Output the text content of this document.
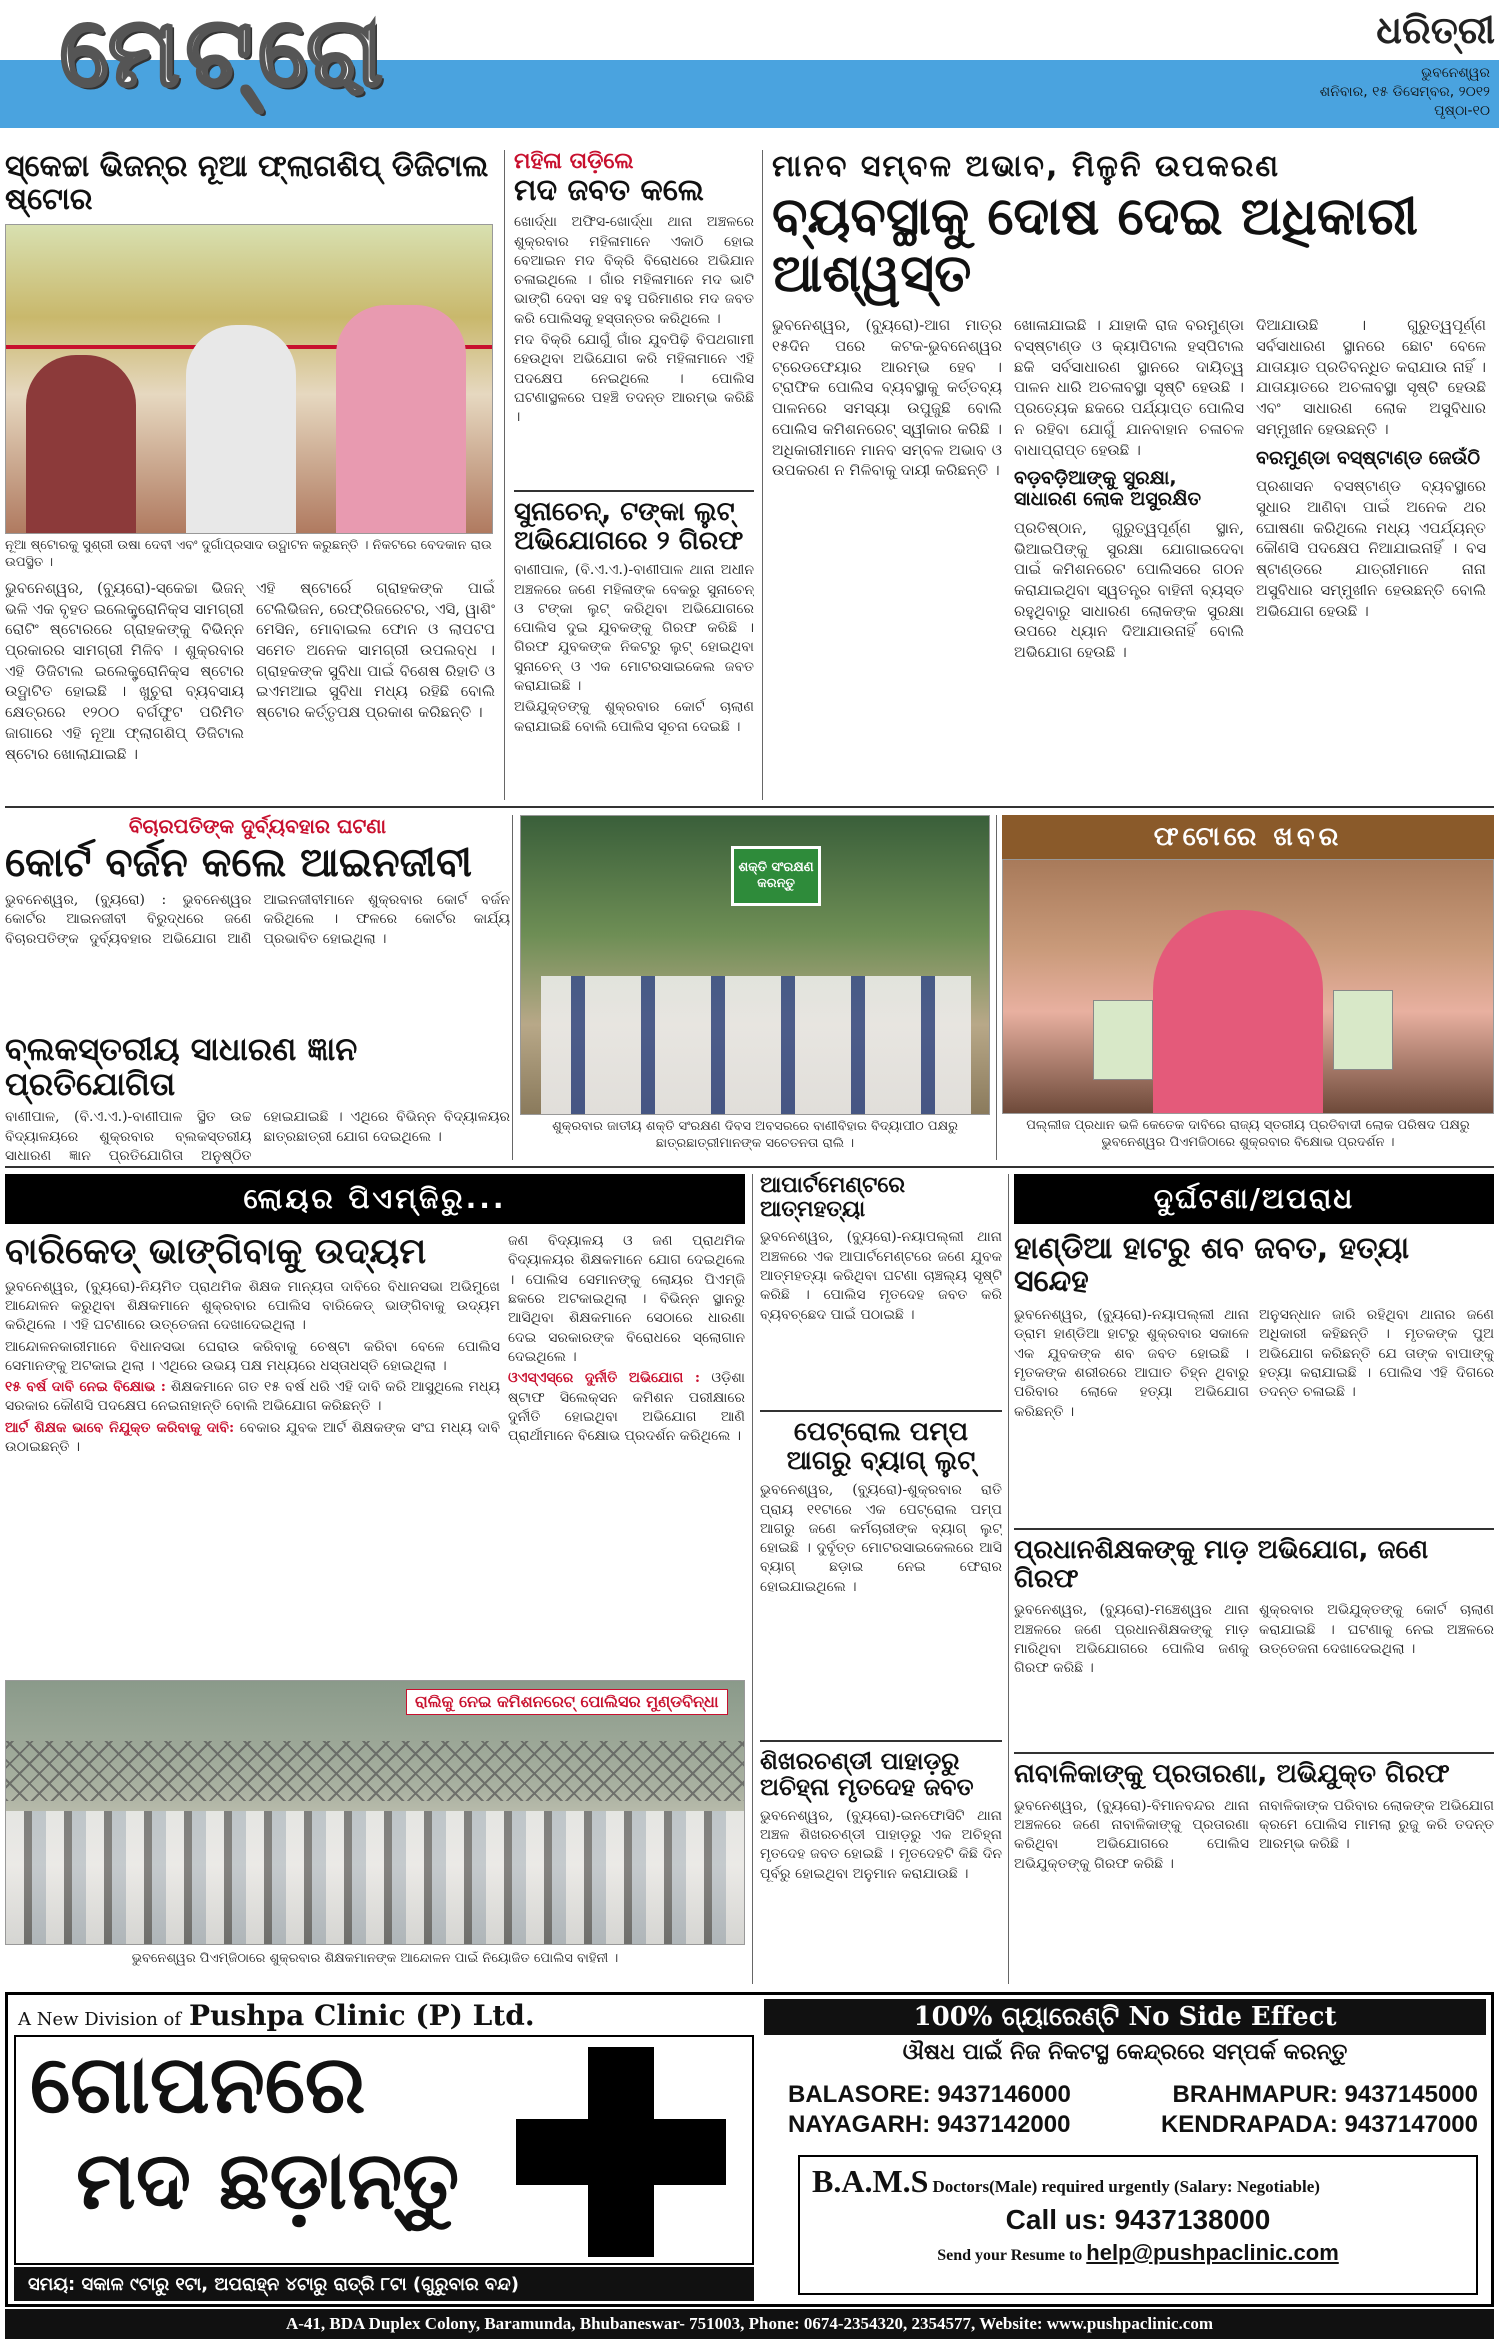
ମେଟ୍ରୋ	ଧରିତ୍ରୀ
ଭୁବନେଶ୍ୱର
ଶନିବାର, ୧୫ ଡିସେମ୍ବର, ୨୦୧୨
ପୃଷ୍ଠା-୧୦
ସ୍କେଚ୍ଚା ଭିଜନ୍‌ର ନୂଆ ଫ୍ଲାଗଶିପ୍ ଡିଜିଟାଲ ଷ୍ଟୋର
ନୂଆ ଷ୍ଟୋରକୁ ସୁଶ୍ରୀ ଉଷା ଦେବୀ ଏବଂ ଦୁର୍ଗାପ୍ରସାଦ ଉଦ୍ଘାଟନ କରୁଛନ୍ତି । ନିକଟରେ ବେଦକାନ ରାଉ ଉପସ୍ଥିତ ।

ଭୁବନେଶ୍ୱର, (ବ୍ୟୁରୋ)-ସ୍କେଚ୍ଚା ଭିଜନ୍ ଭଳି ଏକ ବୃହତ ଇଲେକ୍ଟ୍ରୋନିକ୍ସ ସାମଗ୍ରୀ ରୋଟିଂ ଷ୍ଟୋରରେ ଗ୍ରାହକଙ୍କୁ ବିଭିନ୍ନ ପ୍ରକାରର ସାମଗ୍ରୀ ମିଳିବ । ଶୁକ୍ରବାର ଏହି ଡିଜିଟାଲ ଇଲେକ୍ଟ୍ରୋନିକ୍ସ ଷ୍ଟୋର ଉଦ୍ଘାଟିତ ହୋଇଛି । ଖୁଚୁରା ବ୍ୟବସାୟ କ୍ଷେତ୍ରରେ ୧୨୦୦ ବର୍ଗଫୁଟ ପରିମିତ ଜାଗାରେ ଏହି ନୂଆ ଫ୍ଲାଗଶିପ୍ ଡିଜିଟାଲ ଷ୍ଟୋର ଖୋଲାଯାଇଛି ।

ଏହି ଷ୍ଟୋର୍ରେ ଗ୍ରାହକଙ୍କ ପାଇଁ ଟେଲିଭିଜନ, ରେଫ୍ରିଜରେଟର, ଏସି, ୱାଶିଂ ମେସିନ, ମୋବାଇଲ ଫୋନ ଓ ଲାପଟପ ସମେତ ଅନେକ ସାମଗ୍ରୀ ଉପଲବ୍ଧ । ଗ୍ରାହକଙ୍କ ସୁବିଧା ପାଇଁ ବିଶେଷ ରିହାତି ଓ ଇଏମଆଇ ସୁବିଧା ମଧ୍ୟ ରହିଛି ବୋଲି ଷ୍ଟୋର କର୍ତ୍ତୃପକ୍ଷ ପ୍ରକାଶ କରିଛନ୍ତି ।

ମହିଳା ତାଡ଼ିଲେ
ମଦ ଜବତ କଲେ

ଖୋର୍ଦ୍ଧା ଅଫିସ-ଖୋର୍ଦ୍ଧା ଥାନା ଅଞ୍ଚଳରେ ଶୁକ୍ରବାର ମହିଳାମାନେ ଏକାଠି ହୋଇ ବେଆଇନ ମଦ ବିକ୍ରି ବିରୋଧରେ ଅଭିଯାନ ଚଳାଇଥିଲେ । ଗାଁର ମହିଳାମାନେ ମଦ ଭାଟି ଭାଙ୍ଗି ଦେବା ସହ ବହୁ ପରିମାଣର ମଦ ଜବତ କରି ପୋଲିସକୁ ହସ୍ତାନ୍ତର କରିଥିଲେ ।

ମଦ ବିକ୍ରି ଯୋଗୁଁ ଗାଁର ଯୁବପିଢ଼ି ବିପଥଗାମୀ ହେଉଥିବା ଅଭିଯୋଗ କରି ମହିଳାମାନେ ଏହି ପଦକ୍ଷେପ ନେଇଥିଲେ । ପୋଲିସ ଘଟଣାସ୍ଥଳରେ ପହଞ୍ଚି ତଦନ୍ତ ଆରମ୍ଭ କରିଛି ।

ସୁନାଚେନ୍, ଟଙ୍କା ଲୁଟ୍ ଅଭିଯୋଗରେ ୨ ଗିରଫ

ବାଣୀପାଳ, (ବି.ଏ.ଏ.)-ବାଣୀପାଳ ଥାନା ଅଧୀନ ଅଞ୍ଚଳରେ ଜଣେ ମହିଳାଙ୍କ ବେକରୁ ସୁନାଚେନ୍ ଓ ଟଙ୍କା ଲୁଟ୍ କରିଥିବା ଅଭିଯୋଗରେ ପୋଲିସ ଦୁଇ ଯୁବକଙ୍କୁ ଗିରଫ କରିଛି । ଗିରଫ ଯୁବକଙ୍କ ନିକଟରୁ ଲୁଟ୍ ହୋଇଥିବା ସୁନାଚେନ୍ ଓ ଏକ ମୋଟରସାଇକେଲ ଜବତ କରାଯାଇଛି ।

ଅଭିଯୁକ୍ତଙ୍କୁ ଶୁକ୍ରବାର କୋର୍ଟ ଚାଲାଣ କରାଯାଇଛି ବୋଲି ପୋଲିସ ସୂଚନା ଦେଇଛି ।

ମାନବ ସମ୍ବଳ ଅଭାବ, ମିଳୁନି ଉପକରଣ
ବ୍ୟବସ୍ଥାକୁ ଦୋଷ ଦେଇ ଅଧିକାରୀ ଆଶ୍ୱସ୍ତ

ଭୁବନେଶ୍ୱର, (ବ୍ୟୁରୋ)-ଆଗ ମାତ୍ର ୧୫ଦିନ ପରେ କଟକ-ଭୁବନେଶ୍ୱର ଟ୍ରେଡଫେୟାର ଆରମ୍ଭ ହେବ । ଟ୍ରାଫିକ ପୋଲିସ ବ୍ୟବସ୍ଥାକୁ କର୍ତ୍ତବ୍ୟ ପାଳନରେ ସମସ୍ୟା ଉପୁଜୁଛି ବୋଲି ପୋଲିସ କମିଶନରେଟ୍ ସ୍ୱୀକାର କରିଛି । ଅଧିକାରୀମାନେ ମାନବ ସମ୍ବଳ ଅଭାବ ଓ ଉପକରଣ ନ ମିଳିବାକୁ ଦାୟୀ କରିଛନ୍ତି ।

ଖୋଳାଯାଇଛି । ଯାହାକି ରାଜ ବରମୁଣ୍ଡା ବସ୍ଷ୍ଟାଣ୍ଡ ଓ କ୍ୟାପିଟାଲ ହସ୍ପିଟାଲ ଛକି ସର୍ବସାଧାରଣ ସ୍ଥାନରେ ଦାୟିତ୍ୱ ପାଳନ ଧାରି ଅଚଳାବସ୍ଥା ସୃଷ୍ଟି ହେଉଛି । ପ୍ରତ୍ୟେକ ଛକରେ ପର୍ଯ୍ୟାପ୍ତ ପୋଲିସ ନ ରହିବା ଯୋଗୁଁ ଯାନବାହାନ ଚଳାଚଳ ବାଧାପ୍ରାପ୍ତ ହେଉଛି ।
ବଡ଼ବଡ଼ିଆଙ୍କୁ ସୁରକ୍ଷା, ସାଧାରଣ ଲୋକ ଅସୁରକ୍ଷିତ
ପ୍ରତିଷ୍ଠାନ, ଗୁରୁତ୍ୱପୂର୍ଣ୍ଣ ସ୍ଥାନ, ଭିଆଇପିଙ୍କୁ ସୁରକ୍ଷା ଯୋଗାଇଦେବା ପାଇଁ କମିଶନରେଟ ପୋଲିସରେ ଗଠନ କରାଯାଇଥିବା ସ୍ୱତନ୍ତ୍ର ବାହିନୀ ବ୍ୟସ୍ତ ରହୁଥିବାରୁ ସାଧାରଣ ଲୋକଙ୍କ ସୁରକ୍ଷା ଉପରେ ଧ୍ୟାନ ଦିଆଯାଉନାହିଁ ବୋଲି ଅଭିଯୋଗ ହେଉଛି ।
ଦିଆଯାଉଛି । ଗୁରୁତ୍ୱପୂର୍ଣ୍ଣ ସର୍ବସାଧାରଣ ସ୍ଥାନରେ ଛୋଟ ବେଳେ ଯାତାୟାତ ପ୍ରତିବନ୍ଧିତ କରାଯାଉ ନାହିଁ । ଯାତାୟାତରେ ଅଚଳାବସ୍ଥା ସୃଷ୍ଟି ହେଉଛି ଏବଂ ସାଧାରଣ ଲୋକ ଅସୁବିଧାର ସମ୍ମୁଖୀନ ହେଉଛନ୍ତି ।
ବରମୁଣ୍ଡା ବସ୍ଷ୍ଟାଣ୍ଡ ଜେଉଁଠି
ପ୍ରଶାସନ ବସଷ୍ଟାଣ୍ଡ ବ୍ୟବସ୍ଥାରେ ସୁଧାର ଆଣିବା ପାଇଁ ଅନେକ ଥର ଘୋଷଣା କରିଥିଲେ ମଧ୍ୟ ଏପର୍ଯ୍ୟନ୍ତ କୌଣସି ପଦକ୍ଷେପ ନିଆଯାଇନାହିଁ । ବସ ଷ୍ଟାଣ୍ଡରେ ଯାତ୍ରୀମାନେ ନାନା ଅସୁବିଧାର ସମ୍ମୁଖୀନ ହେଉଛନ୍ତି ବୋଲି ଅଭିଯୋଗ ହେଉଛି ।
ବିଚାରପତିଙ୍କ ଦୁର୍ବ୍ୟବହାର ଘଟଣା
କୋର୍ଟ ବର୍ଜନ କଲେ ଆଇନଜୀବୀ

ଭୁବନେଶ୍ୱର, (ବ୍ୟୁରୋ) : ଭୁବନେଶ୍ୱର କୋର୍ଟର ଆଇନଜୀବୀ ବିରୁଦ୍ଧରେ ଜଣେ ବିଚାରପତିଙ୍କ ଦୁର୍ବ୍ୟବହାର ଅଭିଯୋଗ ଆଣି ଆଇନଜୀବୀମାନେ ଶୁକ୍ରବାର କୋର୍ଟ ବର୍ଜନ କରିଥିଲେ । ଫଳରେ କୋର୍ଟର କାର୍ଯ୍ୟ ପ୍ରଭାବିତ ହୋଇଥିଲା ।

ବ୍ଲକସ୍ତରୀୟ ସାଧାରଣ ଜ୍ଞାନ ପ୍ରତିଯୋଗିତା

ବାଣୀପାଳ, (ବି.ଏ.ଏ.)-ବାଣୀପାଳ ସ୍ଥିତ ଉଚ୍ଚ ବିଦ୍ୟାଳୟରେ ଶୁକ୍ରବାର ବ୍ଲକସ୍ତରୀୟ ସାଧାରଣ ଜ୍ଞାନ ପ୍ରତିଯୋଗିତା ଅନୁଷ୍ଠିତ ହୋଇଯାଇଛି । ଏଥିରେ ବିଭିନ୍ନ ବିଦ୍ୟାଳୟର ଛାତ୍ରଛାତ୍ରୀ ଯୋଗ ଦେଇଥିଲେ ।

ଶକ୍ତି ସଂରକ୍ଷଣ କରନ୍ତୁ
ଶୁକ୍ରବାର ଜାତୀୟ ଶକ୍ତି ସଂରକ୍ଷଣ ଦିବସ ଅବସରରେ ବାଣୀବିହାର ବିଦ୍ୟାପୀଠ ପକ୍ଷରୁ ଛାତ୍ରଛାତ୍ରୀମାନଙ୍କ ସଚେତନତା ରାଲି ।
ଫଟୋରେ ଖବର
ପଲ୍ଲୀଜ ପ୍ରଧାନ ଭଳି କେତେକ ଦାବିରେ ରାଜ୍ୟ ସ୍ତରୀୟ ପ୍ରତିବାଦୀ ଲୋକ ପରିଷଦ ପକ୍ଷରୁ ଭୁବନେଶ୍ୱର ପିଏମଜିଠାରେ ଶୁକ୍ରବାର ବିକ୍ଷୋଭ ପ୍ରଦର୍ଶନ ।
ଲୋୟର ପିଏମ୍‌ଜିରୁ...
ବାରିକେଡ୍ ଭାଙ୍ଗିବାକୁ ଉଦ୍ୟମ

ଭୁବନେଶ୍ୱର, (ବ୍ୟୁରୋ)-ନିୟମିତ ପ୍ରାଥମିକ ଶିକ୍ଷକ ମାନ୍ୟତା ଦାବିରେ ବିଧାନସଭା ଅଭିମୁଖେ ଆନ୍ଦୋଳନ କରୁଥିବା ଶିକ୍ଷକମାନେ ଶୁକ୍ରବାର ପୋଲିସ ବାରିକେଡ୍ ଭାଙ୍ଗିବାକୁ ଉଦ୍ୟମ କରିଥିଲେ । ଏହି ଘଟଣାରେ ଉତ୍ତେଜନା ଦେଖାଦେଇଥିଲା ।

ଆନ୍ଦୋଳନକାରୀମାନେ ବିଧାନସଭା ଘେରାଉ କରିବାକୁ ଚେଷ୍ଟା କରିବା ବେଳେ ପୋଲିସ ସେମାନଙ୍କୁ ଅଟକାଇ ଥିଲା । ଏଥିରେ ଉଭୟ ପକ୍ଷ ମଧ୍ୟରେ ଧସ୍ତାଧସ୍ତି ହୋଇଥିଲା ।

୧୫ ବର୍ଷ ଦାବି ନେଇ ବିକ୍ଷୋଭ : ଶିକ୍ଷକମାନେ ଗତ ୧୫ ବର୍ଷ ଧରି ଏହି ଦାବି କରି ଆସୁଥିଲେ ମଧ୍ୟ ସରକାର କୌଣସି ପଦକ୍ଷେପ ନେଇନାହାନ୍ତି ବୋଲି ଅଭିଯୋଗ କରିଛନ୍ତି ।

ଆର୍ଟ ଶିକ୍ଷକ ଭାବେ ନିଯୁକ୍ତ କରିବାକୁ ଦାବି: ବେକାର ଯୁବକ ଆର୍ଟ ଶିକ୍ଷକଙ୍କ ସଂଘ ମଧ୍ୟ ଦାବି ଉଠାଇଛନ୍ତି ।

ଜଣ ବିଦ୍ୟାଳୟ ଓ ଜଣ ପ୍ରାଥମିକ ବିଦ୍ୟାଳୟର ଶିକ୍ଷକମାନେ ଯୋଗ ଦେଇଥିଲେ । ପୋଲିସ ସେମାନଙ୍କୁ ଲୋୟର ପିଏମ୍‌ଜି ଛକରେ ଅଟକାଇଥିଲା । ବିଭିନ୍ନ ସ୍ଥାନରୁ ଆସିଥିବା ଶିକ୍ଷକମାନେ ସେଠାରେ ଧାରଣା ଦେଇ ସରକାରଙ୍କ ବିରୋଧରେ ସ୍ଲୋଗାନ ଦେଇଥିଲେ ।

ଓଏସ୍‌ଏସ୍‌ରେ ଦୁର୍ନୀତି ଅଭିଯୋଗ : ଓଡ଼ିଶା ଷ୍ଟାଫ ସିଲେକ୍ସନ କମିଶନ ପରୀକ୍ଷାରେ ଦୁର୍ନୀତି ହୋଇଥିବା ଅଭିଯୋଗ ଆଣି ପ୍ରାର୍ଥୀମାନେ ବିକ୍ଷୋଭ ପ୍ରଦର୍ଶନ କରିଥିଲେ ।

ରାଲିକୁ ନେଇ କମିଶନରେଟ୍ ପୋଲିସର ମୁଣ୍ଡବିନ୍ଧା
ଭୁବନେଶ୍ୱର ପିଏମ୍‌ଜିଠାରେ ଶୁକ୍ରବାର ଶିକ୍ଷକମାନଙ୍କ ଆନ୍ଦୋଳନ ପାଇଁ ନିୟୋଜିତ ପୋଲିସ ବାହିନୀ ।
ଆପାର୍ଟମେଣ୍ଟରେ ଆତ୍ମହତ୍ୟା
ଭୁବନେଶ୍ୱର, (ବ୍ୟୁରୋ)-ନୟାପଲ୍ଲୀ ଥାନା ଅଞ୍ଚଳରେ ଏକ ଆପାର୍ଟମେଣ୍ଟରେ ଜଣେ ଯୁବକ ଆତ୍ମହତ୍ୟା କରିଥିବା ଘଟଣା ଚାଞ୍ଚଲ୍ୟ ସୃଷ୍ଟି କରିଛି । ପୋଲିସ ମୃତଦେହ ଜବତ କରି ବ୍ୟବଚ୍ଛେଦ ପାଇଁ ପଠାଇଛି ।
ପେଟ୍ରୋଲ ପମ୍ପ ଆଗରୁ ବ୍ୟାଗ୍ ଲୁଟ୍
ଭୁବନେଶ୍ୱର, (ବ୍ୟୁରୋ)-ଶୁକ୍ରବାର ରାତି ପ୍ରାୟ ୧୧ଟାରେ ଏକ ପେଟ୍ରୋଲ ପମ୍ପ ଆଗରୁ ଜଣେ କର୍ମଚାରୀଙ୍କ ବ୍ୟାଗ୍ ଲୁଟ୍ ହୋଇଛି । ଦୁର୍ବୃତ୍ତ ମୋଟରସାଇକେଲରେ ଆସି ବ୍ୟାଗ୍ ଛଡ଼ାଇ ନେଇ ଫେରାର ହୋଇଯାଇଥିଲେ ।
ଶିଖରଚଣ୍ଡୀ ପାହାଡ଼ରୁ ଅଚିହ୍ନା ମୃତଦେହ ଜବତ
ଭୁବନେଶ୍ୱର, (ବ୍ୟୁରୋ)-ଇନଫୋସିଟି ଥାନା ଅଞ୍ଚଳ ଶିଖରଚଣ୍ଡୀ ପାହାଡ଼ରୁ ଏକ ଅଚିହ୍ନା ମୃତଦେହ ଜବତ ହୋଇଛି । ମୃତଦେହଟି କିଛି ଦିନ ପୂର୍ବରୁ ହୋଇଥିବା ଅନୁମାନ କରାଯାଉଛି ।
ଦୁର୍ଘଟଣା/ଅପରାଧ
ହାଣ୍ଡିଆ ହାଟରୁ ଶବ ଜବତ, ହତ୍ୟା ସନ୍ଦେହ
ଭୁବନେଶ୍ୱର, (ବ୍ୟୁରୋ)-ନୟାପଲ୍ଲୀ ଥାନା ଡ୍ରାମ ହାଣ୍ଡିଆ ହାଟରୁ ଶୁକ୍ରବାର ସକାଳେ ଏକ ଯୁବକଙ୍କ ଶବ ଜବତ ହୋଇଛି । ମୃତକଙ୍କ ଶରୀରରେ ଆଘାତ ଚିହ୍ନ ଥିବାରୁ ପରିବାର ଲୋକେ ହତ୍ୟା ଅଭିଯୋଗ କରିଛନ୍ତି ।
ଅନୁସନ୍ଧାନ ଜାରି ରହିଥିବା ଥାନାର ଜଣେ ଅଧିକାରୀ କହିଛନ୍ତି । ମୃତକଙ୍କ ପୁଅ ଅଭିଯୋଗ କରିଛନ୍ତି ଯେ ତାଙ୍କ ବାପାଙ୍କୁ ହତ୍ୟା କରାଯାଇଛି । ପୋଲିସ ଏହି ଦିଗରେ ତଦନ୍ତ ଚଳାଇଛି ।
ପ୍ରଧାନଶିକ୍ଷକଙ୍କୁ ମାଡ଼ ଅଭିଯୋଗ, ଜଣେ ଗିରଫ
ଭୁବନେଶ୍ୱର, (ବ୍ୟୁରୋ)-ମଞ୍ଚେଶ୍ୱର ଥାନା ଅଞ୍ଚଳରେ ଜଣେ ପ୍ରଧାନଶିକ୍ଷକଙ୍କୁ ମାଡ଼ ମାରିଥିବା ଅଭିଯୋଗରେ ପୋଲିସ ଜଣକୁ ଗିରଫ କରିଛି ।
ଶୁକ୍ରବାର ଅଭିଯୁକ୍ତଙ୍କୁ କୋର୍ଟ ଚାଲାଣ କରାଯାଇଛି । ଘଟଣାକୁ ନେଇ ଅଞ୍ଚଳରେ ଉତ୍ତେଜନା ଦେଖାଦେଇଥିଲା ।
ନାବାଳିକାଙ୍କୁ ପ୍ରତାରଣା, ଅଭିଯୁକ୍ତ ଗିରଫ
ଭୁବନେଶ୍ୱର, (ବ୍ୟୁରୋ)-ବିମାନବନ୍ଦର ଥାନା ଅଞ୍ଚଳରେ ଜଣେ ନାବାଳିକାଙ୍କୁ ପ୍ରତାରଣା କରିଥିବା ଅଭିଯୋଗରେ ପୋଲିସ ଅଭିଯୁକ୍ତଙ୍କୁ ଗିରଫ କରିଛି ।
ନାବାଳିକାଙ୍କ ପରିବାର ଲୋକଙ୍କ ଅଭିଯୋଗ କ୍ରମେ ପୋଲିସ ମାମଲା ରୁଜୁ କରି ତଦନ୍ତ ଆରମ୍ଭ କରିଛି ।
A New Division of Pushpa Clinic (P) Ltd.
ଗୋପନରେ
ମଦ ଛଡ଼ାନ୍ତୁ
ସମୟ: ସକାଳ ୯ଟାରୁ ୧ଟା, ଅପରାହ୍ନ ୪ଟାରୁ ରାତ୍ରି ୮ଟା (ଗୁରୁବାର ବନ୍ଦ)
100% ଗ୍ୟାରେଣ୍ଟି No Side Effect
ଔଷଧ ପାଇଁ ନିଜ ନିକଟସ୍ଥ କେନ୍ଦ୍ରରେ ସମ୍ପର୍କ କରନ୍ତୁ
BALASORE: 9437146000	BRAHMAPUR: 9437145000
NAYAGARH: 9437142000	KENDRAPADA: 9437147000
B.A.M.S Doctors(Male) required urgently (Salary: Negotiable)
Call us: 9437138000
Send your Resume to help@pushpaclinic.com
A-41, BDA Duplex Colony, Baramunda, Bhubaneswar- 751003, Phone: 0674-2354320, 2354577, Website: www.pushpaclinic.com
